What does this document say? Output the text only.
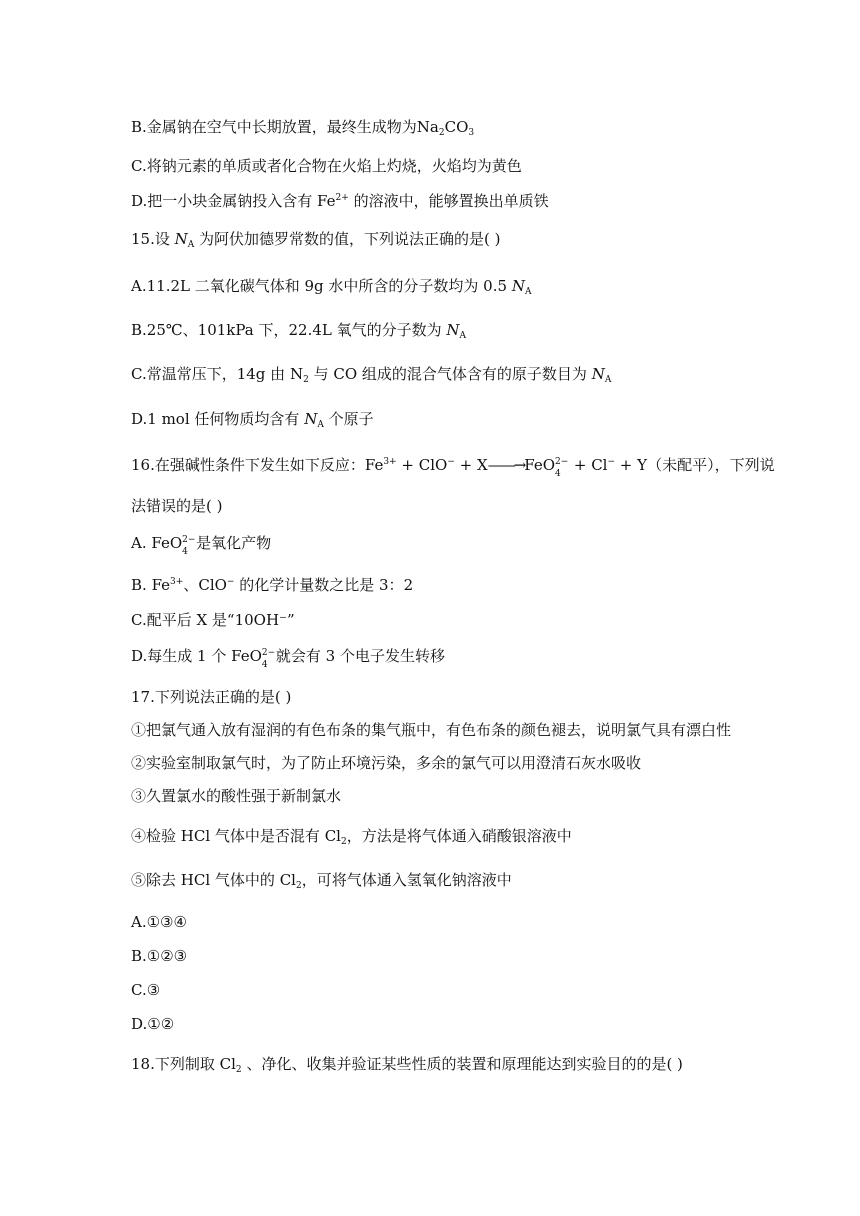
B.金属钠在空气中长期放置，最终生成物为$Na_2CO_3$
C.将钠元素的单质或者化合物在火焰上灼烧，火焰均为黄色
D.把一小块金属钠投入含有 $Fe^{2+}$ 的溶液中，能够置换出单质铁
15.设 $N_A$ 为阿伏加德罗常数的值，下列说法正确的是( )
A.11.2L 二氧化碳气体和 9g 水中所含的分子数均为 0.5 $N_A$
B.25℃、101kPa 下，22.4L 氧气的分子数为 $N_A$
C.常温常压下，14g 由 $N_2$ 与 CO 组成的混合气体含有的原子数目为 $N_A$
D.1 mol 任何物质均含有 $N_A$ 个原子
16.在强碱性条件下发生如下反应：$Fe^{3+} + ClO^-$ + X——→FeO 2−
4 + Cl− + Y（未配平），下列说
法错误的是( )
A. FeO 2−
4 是氧化产物
B. $Fe^{3+}$、ClO− 的化学计量数之比是 3：2
C.配平后 X 是“10OH⁻”
D.每生成 1 个 FeO 2−
4 就会有 3 个电子发生转移
17.下列说法正确的是( )
①把氯气通入放有湿润的有色布条的集气瓶中，有色布条的颜色褪去，说明氯气具有漂白性
②实验室制取氯气时，为了防止环境污染，多余的氯气可以用澄清石灰水吸收
③久置氯水的酸性强于新制氯水
④检验 HCl 气体中是否混有 $Cl_2$，方法是将气体通入硝酸银溶液中
⑤除去 HCl 气体中的 $Cl_2$，可将气体通入氢氧化钠溶液中
A.①③④
B.①②③
C.③
D.①②
18.下列制取 $Cl_2$ 、净化、收集并验证某些性质的装置和原理能达到实验目的的是( )
